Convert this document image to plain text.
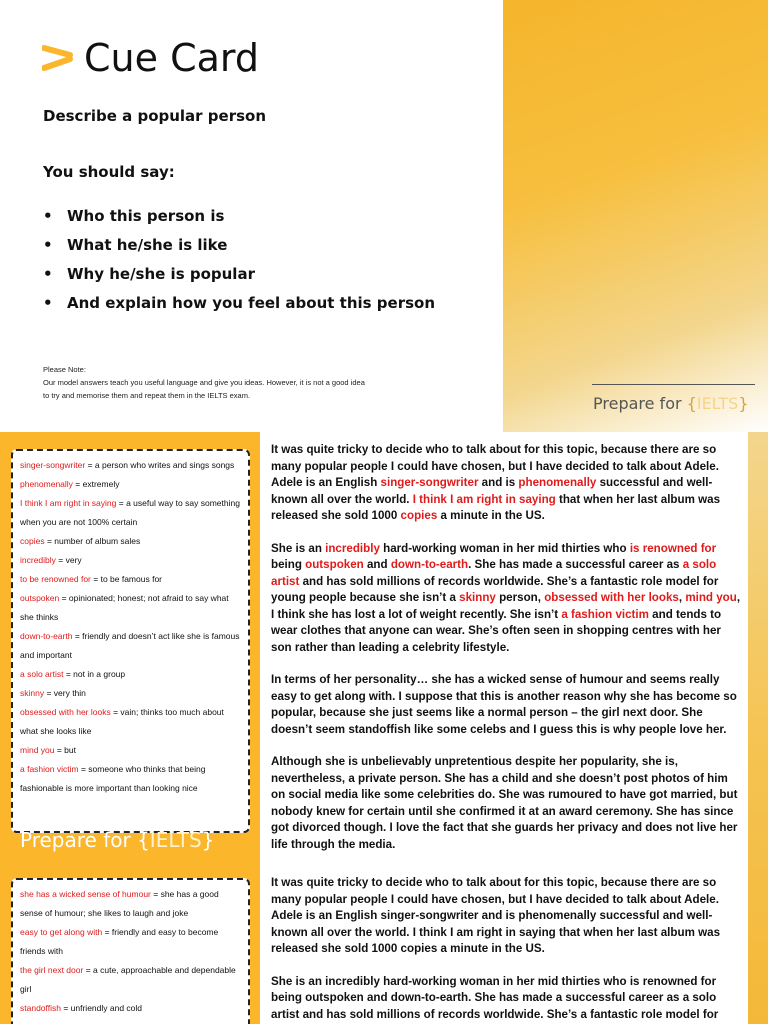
Cue Card
Describe a popular person
You should say:
• Who this person is
• What he/she is like
• Why he/she is popular
• And explain how you feel about this person
Please Note:
Our model answers teach you useful language and give you ideas. However, it is not a good idea to try and memorise them and repeat them in the IELTS exam.	Prepare for {IELTS}
singer-songwriter = a person who writes and sings songs
phenomenally = extremely
I think I am right in saying = a useful way to say something when you are not 100% certain
copies = number of album sales
incredibly = very
to be renowned for = to be famous for
outspoken = opinionated; honest; not afraid to say what she thinks
down-to-earth = friendly and doesn’t act like she is famous and important
a solo artist = not in a group
skinny = very thin
obsessed with her looks = vain; thinks too much about what she looks like
mind you = but
a fashion victim = someone who thinks that being fashionable is more important than looking nice
Prepare for {IELTS}
she has a wicked sense of humour = she has a good sense of humour; she likes to laugh and joke
easy to get along with = friendly and easy to become friends with
the girl next door = a cute, approachable and dependable girl
standoffish = unfriendly and cold

It was quite tricky to decide who to talk about for this topic, because there are so many popular people I could have chosen, but I have decided to talk about Adele. Adele is an English singer-songwriter and is phenomenally successful and well-known all over the world. I think I am right in saying that when her last album was released she sold 1000 copies a minute in the US.

She is an incredibly hard-working woman in her mid thirties who is renowned for being outspoken and down-to-earth. She has made a successful career as a solo artist and has sold millions of records worldwide. She’s a fantastic role model for young people because she isn’t a skinny person, obsessed with her looks, mind you, I think she has lost a lot of weight recently. She isn’t a fashion victim and tends to wear clothes that anyone can wear. She’s often seen in shopping centres with her son rather than leading a celebrity lifestyle.

In terms of her personality… she has a wicked sense of humour and seems really easy to get along with. I suppose that this is another reason why she has become so popular, because she just seems like a normal person – the girl next door. She doesn’t seem standoffish like some celebs and I guess this is why people love her.

Although she is unbelievably unpretentious despite her popularity, she is, nevertheless, a private person. She has a child and she doesn’t post photos of him on social media like some celebrities do. She was rumoured to have got married, but nobody knew for certain until she confirmed it at an award ceremony. She has since got divorced though. I love the fact that she guards her privacy and does not live her life through the media.

It was quite tricky to decide who to talk about for this topic, because there are so many popular people I could have chosen, but I have decided to talk about Adele. Adele is an English singer-songwriter and is phenomenally successful and well-known all over the world. I think I am right in saying that when her last album was released she sold 1000 copies a minute in the US.

She is an incredibly hard-working woman in her mid thirties who is renowned for being outspoken and down-to-earth. She has made a successful career as a solo artist and has sold millions of records worldwide. She’s a fantastic role model for
